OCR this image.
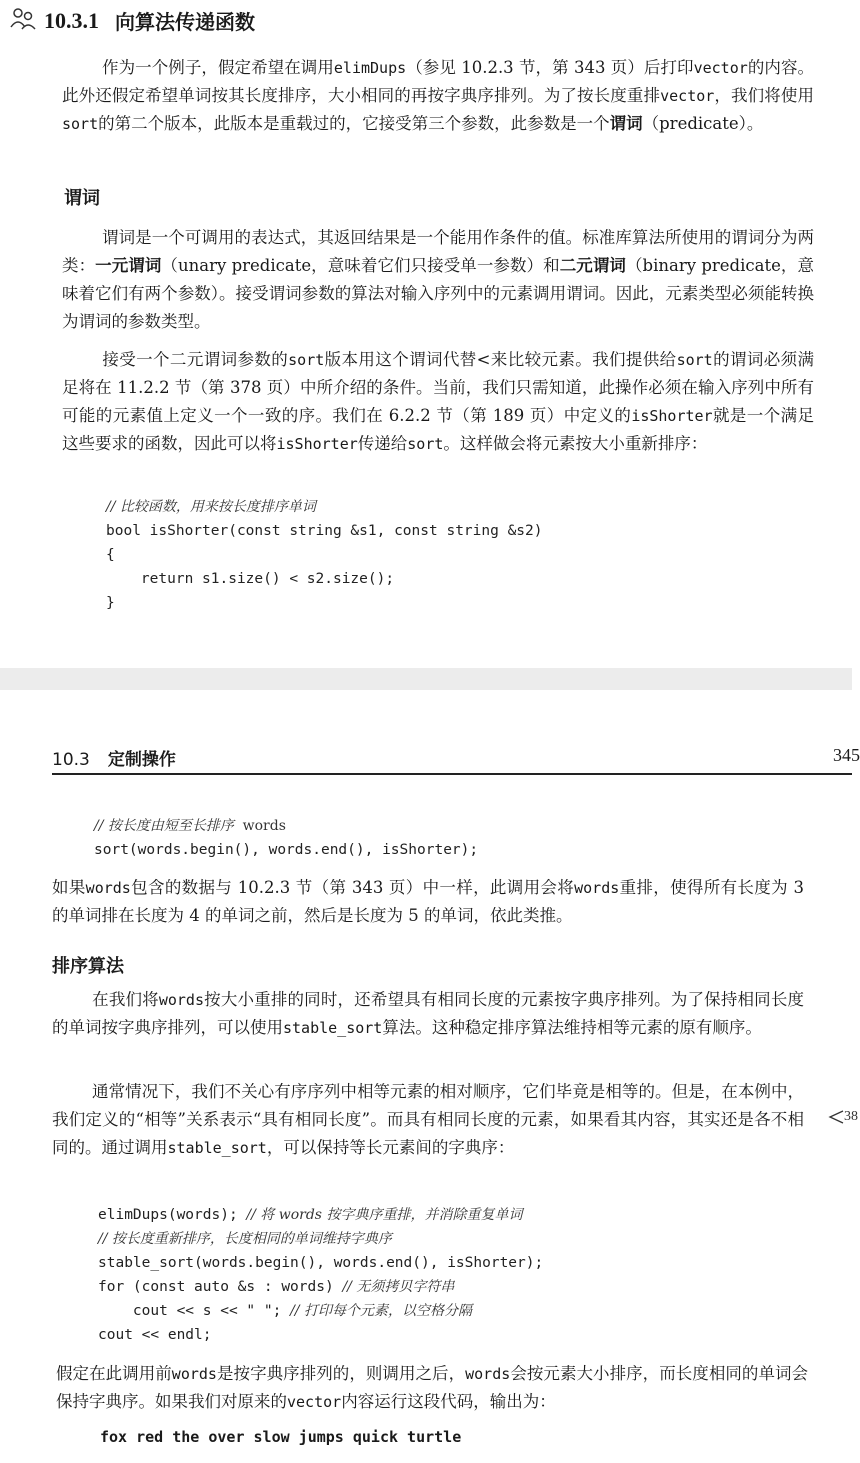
10.3.1 向算法传递函数
作为一个例子，假定希望在调用elimDups（参见 10.2.3 节，第 343 页）后打印vector的内容。此外还假定希望单词按其长度排序，大小相同的再按字典序排列。为了按长度重排vector，我们将使用sort的第二个版本，此版本是重载过的，它接受第三个参数，此参数是一个谓词（predicate）。
谓词
谓词是一个可调用的表达式，其返回结果是一个能用作条件的值。标准库算法所使用的谓词分为两类：一元谓词（unary predicate，意味着它们只接受单一参数）和二元谓词（binary predicate，意味着它们有两个参数）。接受谓词参数的算法对输入序列中的元素调用谓词。因此，元素类型必须能转换为谓词的参数类型。
接受一个二元谓词参数的sort版本用这个谓词代替<来比较元素。我们提供给sort的谓词必须满足将在 11.2.2 节（第 378 页）中所介绍的条件。当前，我们只需知道，此操作必须在输入序列中所有可能的元素值上定义一个一致的序。我们在 6.2.2 节（第 189 页）中定义的isShorter就是一个满足这些要求的函数，因此可以将isShorter传递给sort。这样做会将元素按大小重新排序：
// 比较函数，用来按长度排序单词
bool isShorter(const string &s1, const string &s2)
{
return s1.size() < s2.size();
}
10.3 定制操作	345
// 按长度由短至长排序 words
sort(words.begin(), words.end(), isShorter);
如果words包含的数据与 10.2.3 节（第 343 页）中一样，此调用会将words重排，使得所有长度为 3 的单词排在长度为 4 的单词之前，然后是长度为 5 的单词，依此类推。
排序算法
在我们将words按大小重排的同时，还希望具有相同长度的元素按字典序排列。为了保持相同长度的单词按字典序排列，可以使用stable_sort算法。这种稳定排序算法维持相等元素的原有顺序。
通常情况下，我们不关心有序序列中相等元素的相对顺序，它们毕竟是相等的。但是，在本例中，我们定义的“相等”关系表示“具有相同长度”。而具有相同长度的元素，如果看其内容，其实还是各不相同的。通过调用stable_sort，可以保持等长元素间的字典序：
38
elimDups(words); // 将 words 按字典序重排，并消除重复单词
// 按长度重新排序，长度相同的单词维持字典序
stable_sort(words.begin(), words.end(), isShorter);
for (const auto &s : words) // 无须拷贝字符串
cout << s << " "; // 打印每个元素，以空格分隔
cout << endl;
假定在此调用前words是按字典序排列的，则调用之后，words会按元素大小排序，而长度相同的单词会保持字典序。如果我们对原来的vector内容运行这段代码，输出为：
fox red the over slow jumps quick turtle
